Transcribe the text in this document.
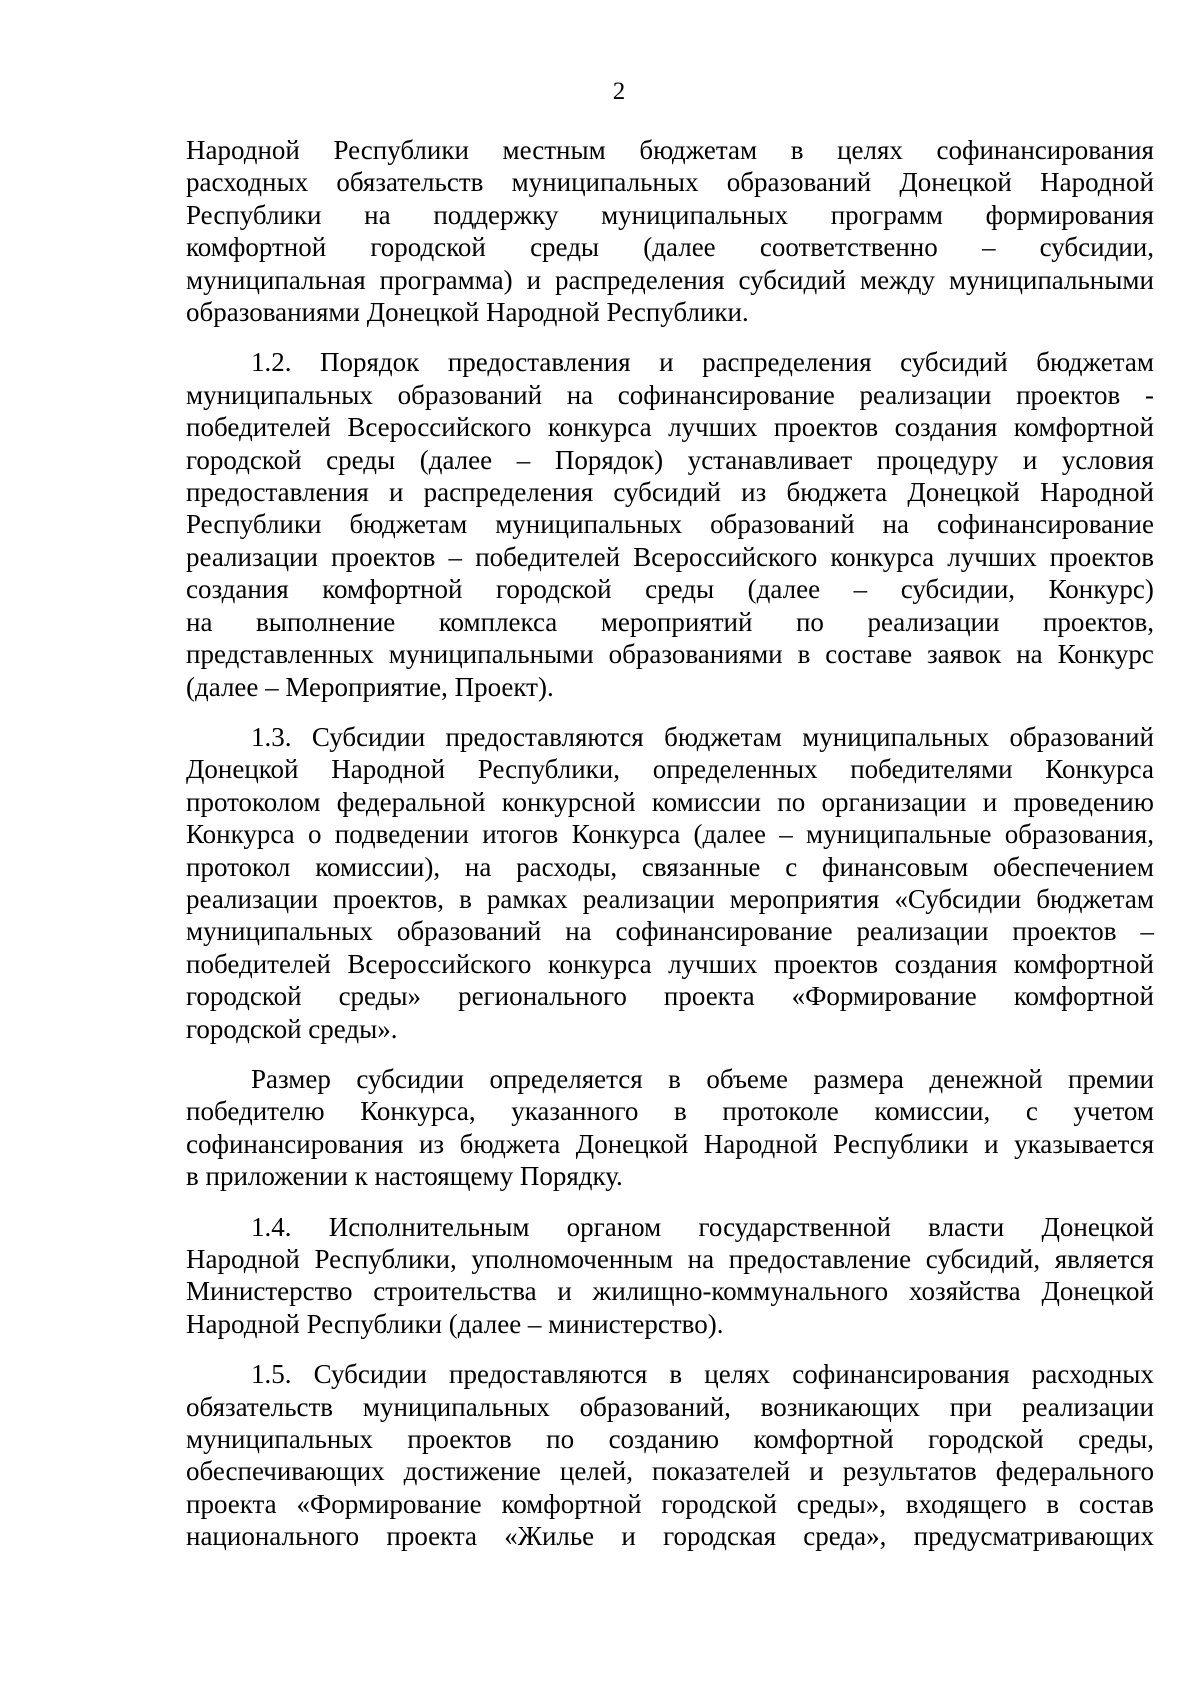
2

Народной Республики местным бюджетам в целях софинансирования
расходных обязательств муниципальных образований Донецкой Народной
Республики на поддержку муниципальных программ формирования
комфортной городской среды (далее соответственно – субсидии,
муниципальная программа) и распределения субсидий между муниципальными
образованиями Донецкой Народной Республики.

1.2. Порядок предоставления и распределения субсидий бюджетам
муниципальных образований на софинансирование реализации проектов -
победителей Всероссийского конкурса лучших проектов создания комфортной
городской среды (далее – Порядок) устанавливает процедуру и условия
предоставления и распределения субсидий из бюджета Донецкой Народной
Республики бюджетам муниципальных образований на софинансирование
реализации проектов – победителей Всероссийского конкурса лучших проектов
создания комфортной городской среды (далее – субсидии, Конкурс)
на выполнение комплекса мероприятий по реализации проектов,
представленных муниципальными образованиями в составе заявок на Конкурс
(далее – Мероприятие, Проект).

1.3. Субсидии предоставляются бюджетам муниципальных образований
Донецкой Народной Республики, определенных победителями Конкурса
протоколом федеральной конкурсной комиссии по организации и проведению
Конкурса о подведении итогов Конкурса (далее – муниципальные образования,
протокол комиссии), на расходы, связанные с финансовым обеспечением
реализации проектов, в рамках реализации мероприятия «Субсидии бюджетам
муниципальных образований на софинансирование реализации проектов –
победителей Всероссийского конкурса лучших проектов создания комфортной
городской среды» регионального проекта «Формирование комфортной
городской среды».

Размер субсидии определяется в объеме размера денежной премии
победителю Конкурса, указанного в протоколе комиссии, с учетом
софинансирования из бюджета Донецкой Народной Республики и указывается
в приложении к настоящему Порядку.

1.4. Исполнительным органом государственной власти Донецкой
Народной Республики, уполномоченным на предоставление субсидий, является
Министерство строительства и жилищно-коммунального хозяйства Донецкой
Народной Республики (далее – министерство).

1.5. Субсидии предоставляются в целях софинансирования расходных
обязательств муниципальных образований, возникающих при реализации
муниципальных проектов по созданию комфортной городской среды,
обеспечивающих достижение целей, показателей и результатов федерального
проекта «Формирование комфортной городской среды», входящего в состав
национального проекта «Жилье и городская среда», предусматривающих
